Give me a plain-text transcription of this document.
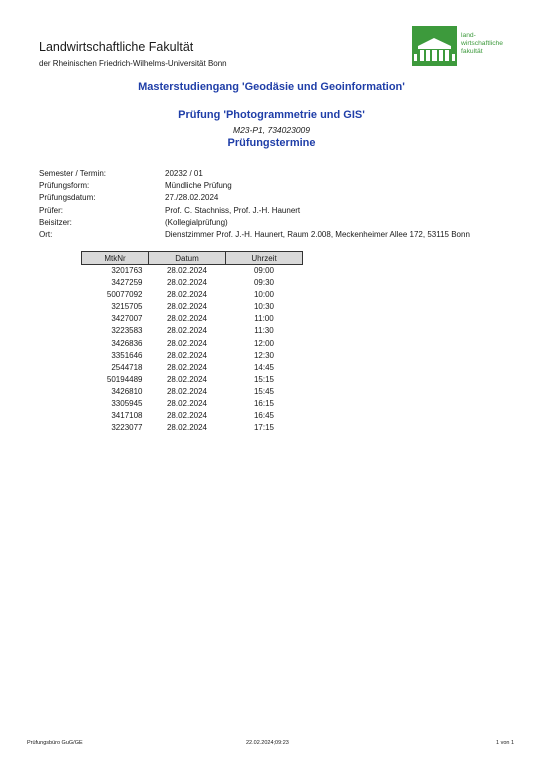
Landwirtschaftliche Fakultät
der Rheinischen Friedrich-Wilhelms-Universität Bonn
land-
wirtschaftliche
fakultät
Masterstudiengang 'Geodäsie und Geoinformation'
Prüfung 'Photogrammetrie und GIS'
M23-P1, 734023009
Prüfungstermine
Semester / Termin:	20232 / 01
Prüfungsform:	Mündliche Prüfung
Prüfungsdatum:	27./28.02.2024
Prüfer:	Prof. C. Stachniss, Prof. J.-H. Haunert
Beisitzer:	(Kollegialprüfung)
Ort:	Dienstzimmer Prof. J.-H. Haunert, Raum 2.008, Meckenheimer Allee 172, 53115 Bonn
MtkNr	Datum	Uhrzeit
3201763	28.02.2024	09:00
3427259	28.02.2024	09:30
50077092	28.02.2024	10:00
3215705	28.02.2024	10:30
3427007	28.02.2024	11:00
3223583	28.02.2024	11:30
3426836	28.02.2024	12:00
3351646	28.02.2024	12:30
2544718	28.02.2024	14:45
50194489	28.02.2024	15:15
3426810	28.02.2024	15:45
3305945	28.02.2024	16:15
3417108	28.02.2024	16:45
3223077	28.02.2024	17:15
Prüfungsbüro GuG/GE	22.02.2024;09:23	1 von 1
